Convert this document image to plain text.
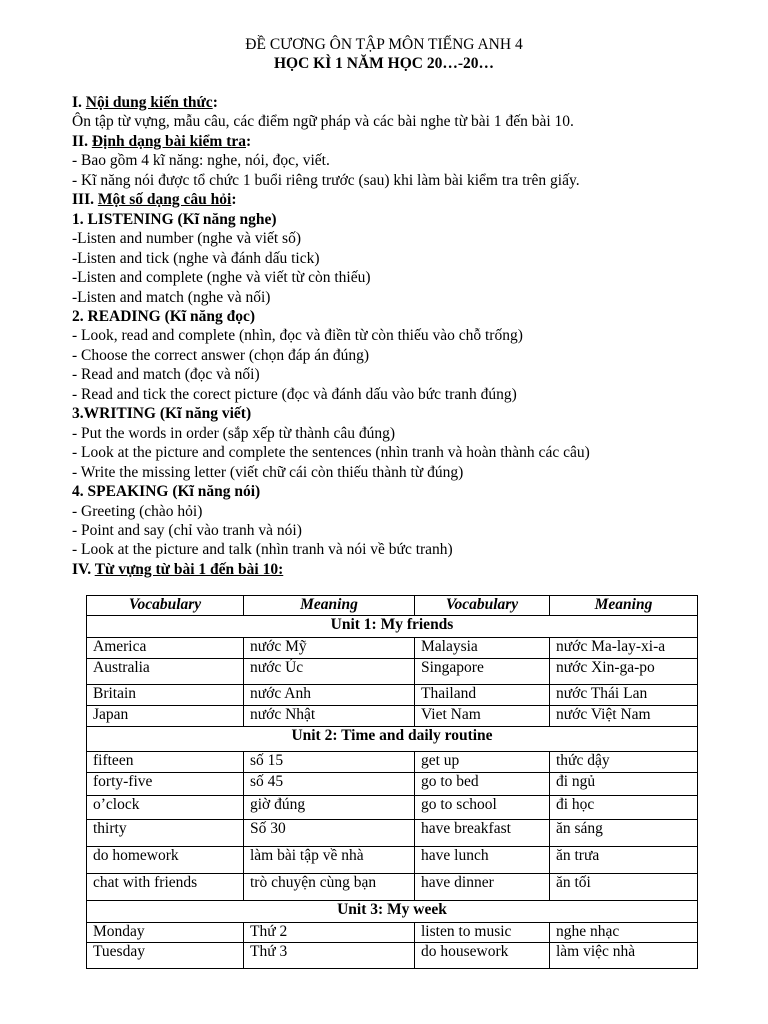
ĐỀ CƯƠNG ÔN TẬP MÔN TIẾNG ANH 4
HỌC KÌ 1 NĂM HỌC 20…-20…
I. Nội dung kiến thức:
Ôn tập từ vựng, mẫu câu, các điểm ngữ pháp và các bài nghe từ bài 1 đến bài 10.
II. Định dạng bài kiểm tra:
- Bao gồm 4 kĩ năng: nghe, nói, đọc, viết.
- Kĩ năng nói được tổ chức 1 buổi riêng trước (sau) khi làm bài kiểm tra trên giấy.
III. Một số dạng câu hỏi:
1. LISTENING (Kĩ năng nghe)
-Listen and number (nghe và viết số)
-Listen and tick (nghe và đánh dấu tick)
-Listen and complete (nghe và viết từ còn thiếu)
-Listen and match (nghe và nối)
2. READING (Kĩ năng đọc)
- Look, read and complete (nhìn, đọc và điền từ còn thiếu vào chỗ trống)
- Choose the correct answer (chọn đáp án đúng)
- Read and match (đọc và nối)
- Read and tick the corect picture (đọc và đánh dấu vào bức tranh đúng)
3.WRITING (Kĩ năng viết)
- Put the words in order (sắp xếp từ thành câu đúng)
- Look at the picture and complete the sentences (nhìn tranh và hoàn thành các câu)
- Write the missing letter (viết chữ cái còn thiếu thành từ đúng)
4. SPEAKING (Kĩ năng nói)
- Greeting (chào hỏi)
- Point and say (chỉ vào tranh và nói)
- Look at the picture and talk (nhìn tranh và nói về bức tranh)
IV. Từ vựng từ bài 1 đến bài 10:
Vocabulary	Meaning	Vocabulary	Meaning
Unit 1: My friends			
America	nước Mỹ	Malaysia	nước Ma-lay-xi-a
Australia	nước Úc	Singapore	nước Xin-ga-po
Britain	nước Anh	Thailand	nước Thái Lan
Japan	nước Nhật	Viet Nam	nước Việt Nam
Unit 2: Time and daily routine			
fifteen	số 15	get up	thức dậy
forty-five	số 45	go to bed	đi ngủ
o’clock	giờ đúng	go to school	đi học
thirty	Số 30	have breakfast	ăn sáng
do homework	làm bài tập về nhà	have lunch	ăn trưa
chat with friends	trò chuyện cùng bạn	have dinner	ăn tối
Unit 3: My week			
Monday	Thứ 2	listen to music	nghe nhạc
Tuesday	Thứ 3	do housework	làm việc nhà
